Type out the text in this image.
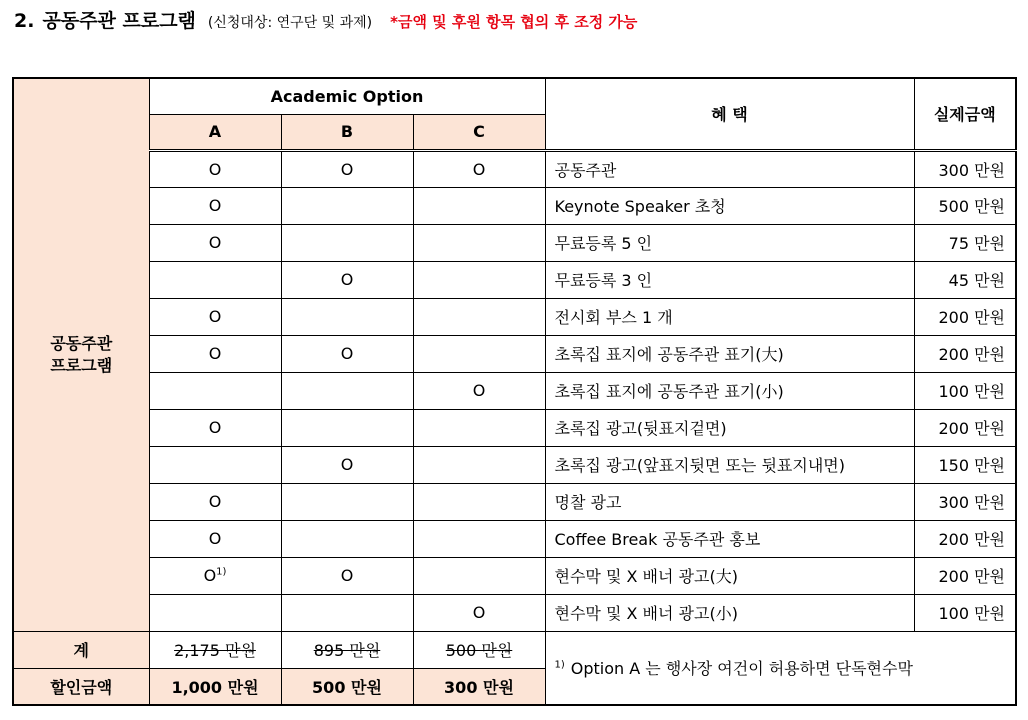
2. 공동주관 프로그램 (신청대상: 연구단 및 과제) *금액 및 후원 항목 협의 후 조정 가능
공동주관
프로그램	Academic Option			혜 택	실제금액
	A	B	C		
	O	O	O	공동주관	300 만원
	O			Keynote Speaker 초청	500 만원
	O			무료등록 5 인	75 만원
		O		무료등록 3 인	45 만원
	O			전시회 부스 1 개	200 만원
	O	O		초록집 표지에 공동주관 표기(大)	200 만원
			O	초록집 표지에 공동주관 표기(小)	100 만원
	O			초록집 광고(뒷표지겉면)	200 만원
		O		초록집 광고(앞표지뒷면 또는 뒷표지내면)	150 만원
	O			명찰 광고	300 만원
	O			Coffee Break 공동주관 홍보	200 만원
	$O^{1)}$	O		현수막 및 X 배너 광고(大)	200 만원
			O	현수막 및 X 배너 광고(小)	100 만원
계	2,175 만원	895 만원	500 만원	$^{1)}$ Option A 는 행사장 여건이 허용하면 단독현수막	
할인금액	1,000 만원	500 만원	300 만원		
